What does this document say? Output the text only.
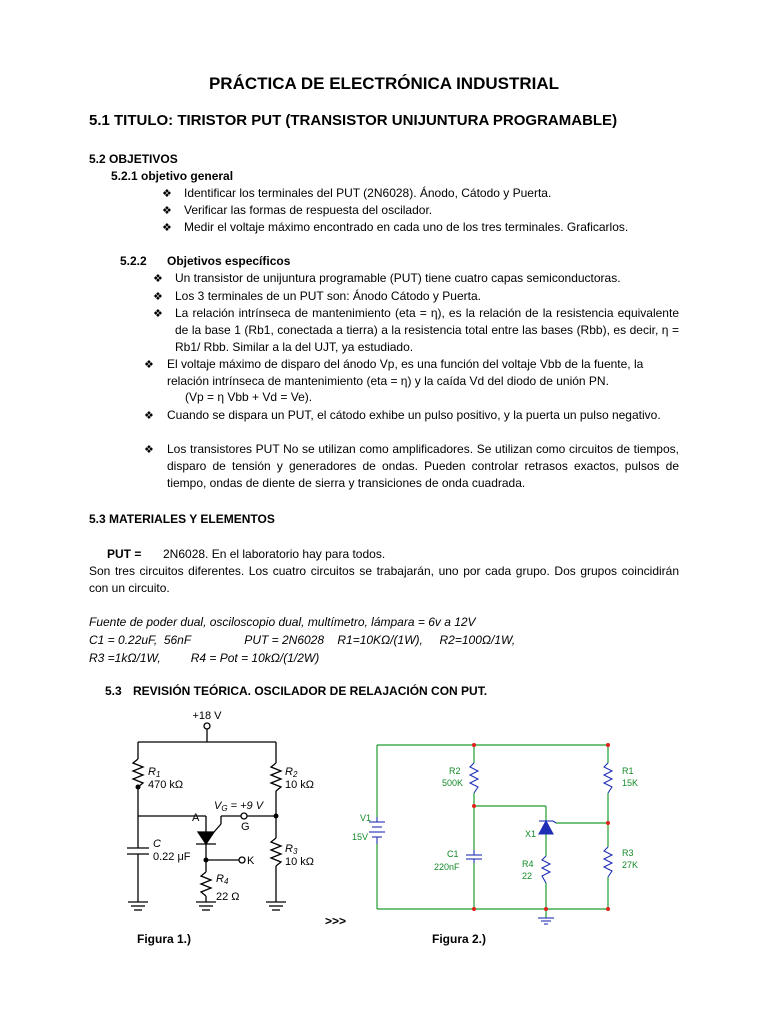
PRÁCTICA DE ELECTRÓNICA INDUSTRIAL
5.1 TITULO: TIRISTOR PUT (TRANSISTOR UNIJUNTURA PROGRAMABLE)
5.2 OBJETIVOS
5.2.1 objetivo general
❖ Identificar los terminales del PUT (2N6028). Ánodo, Cátodo y Puerta.
❖ Verificar las formas de respuesta del oscilador.
❖ Medir el voltaje máximo encontrado en cada uno de los tres terminales. Graficarlos.
5.2.2 Objetivos específicos
❖ Un transistor de unijuntura programable (PUT) tiene cuatro capas semiconductoras.
❖ Los 3 terminales de un PUT son: Ánodo Cátodo y Puerta.
❖ La relación intrínseca de mantenimiento (eta = η), es la relación de la resistencia equivalente de la base 1 (Rb1, conectada a tierra) a la resistencia total entre las bases (Rbb), es decir, η = Rb1/ Rbb. Similar a la del UJT, ya estudiado.
❖ El voltaje máximo de disparo del ánodo Vp, es una función del voltaje Vbb de la fuente, la relación intrínseca de mantenimiento (eta = η) y la caída Vd del diodo de unión PN.
(Vp = η Vbb + Vd = Ve).
❖ Cuando se dispara un PUT, el cátodo exhibe un pulso positivo, y la puerta un pulso negativo.
❖ Los transistores PUT No se utilizan como amplificadores. Se utilizan como circuitos de tiempos, disparo de tensión y generadores de ondas. Pueden controlar retrasos exactos, pulsos de tiempo, ondas de diente de sierra y transiciones de onda cuadrada.
5.3 MATERIALES Y ELEMENTOS
PUT = 2N6028. En el laboratorio hay para todos.
Son tres circuitos diferentes. Los cuatro circuitos se trabajarán, uno por cada grupo. Dos grupos coincidirán con un circuito.
Fuente de poder dual, osciloscopio dual, multímetro, lámpara = 6v a 12V
C1 = 0.22uF,  56nF                PUT = 2N6028    R1=10KΩ/(1W),     R2=100Ω/1W,
R3 =1kΩ/1W,         R4 = Pot = 10kΩ/(1/2W)
5.3 REVISIÓN TEÓRICA. OSCILADOR DE RELAJACIÓN CON PUT.
+18 V
R1
470 kΩ
R2
10 kΩ
VG = +9 V
A
G
K
C
0.22 μF
R3
10 kΩ
R4
22 Ω
>>>
Figura 1.)
R2
500K
R1
15K
V1
15V	X1
C1
220nF	R4
22
R3
27K
Figura 2.)
